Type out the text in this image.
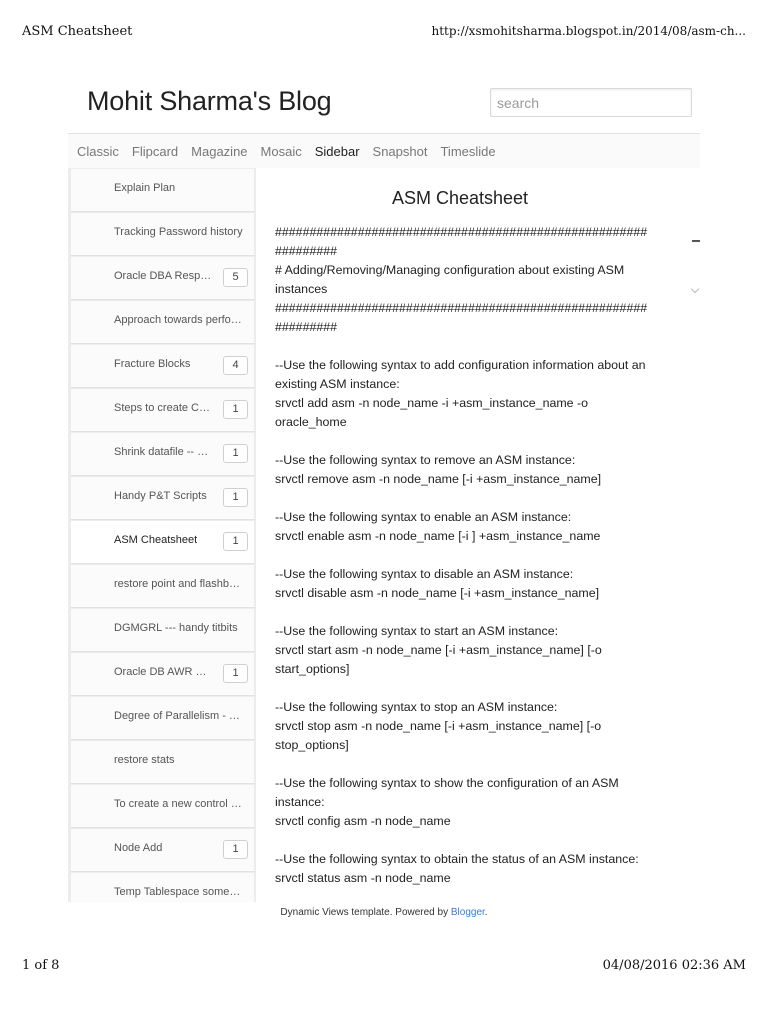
ASM Cheatsheet	http://xsmohitsharma.blogspot.in/2014/08/asm-ch...
Mohit Sharma's Blog
search
Classic Flipcard Magazine Mosaic Sidebar Snapshot Timeslide
Explain Plan
Tracking Password history
Oracle DBA Resp…	5
Approach towards perfo…
Fracture Blocks	4
Steps to create C…	1
Shrink datafile -- …	1
Handy P&T Scripts	1
ASM Cheatsheet	1
restore point and flashb…
DGMGRL --- handy titbits
Oracle DB AWR …	1
Degree of Parallelism - …
restore stats
To create a new control …
Node Add	1
Temp Tablespace some…
ASM Cheatsheet

######################################################

#########

# Adding/Removing/Managing configuration about existing ASM

instances

######################################################

#########

--Use the following syntax to add configuration information about an

existing ASM instance:

srvctl add asm -n node_name -i +asm_instance_name -o

oracle_home

--Use the following syntax to remove an ASM instance:

srvctl remove asm -n node_name [-i +asm_instance_name]

--Use the following syntax to enable an ASM instance:

srvctl enable asm -n node_name [-i ] +asm_instance_name

--Use the following syntax to disable an ASM instance:

srvctl disable asm -n node_name [-i +asm_instance_name]

--Use the following syntax to start an ASM instance:

srvctl start asm -n node_name [-i +asm_instance_name] [-o

start_options]

--Use the following syntax to stop an ASM instance:

srvctl stop asm -n node_name [-i +asm_instance_name] [-o

stop_options]

--Use the following syntax to show the configuration of an ASM

instance:

srvctl config asm -n node_name

--Use the following syntax to obtain the status of an ASM instance:

srvctl status asm -n node_name

Dynamic Views template. Powered by Blogger.
1 of 8	04/08/2016 02:36 AM
